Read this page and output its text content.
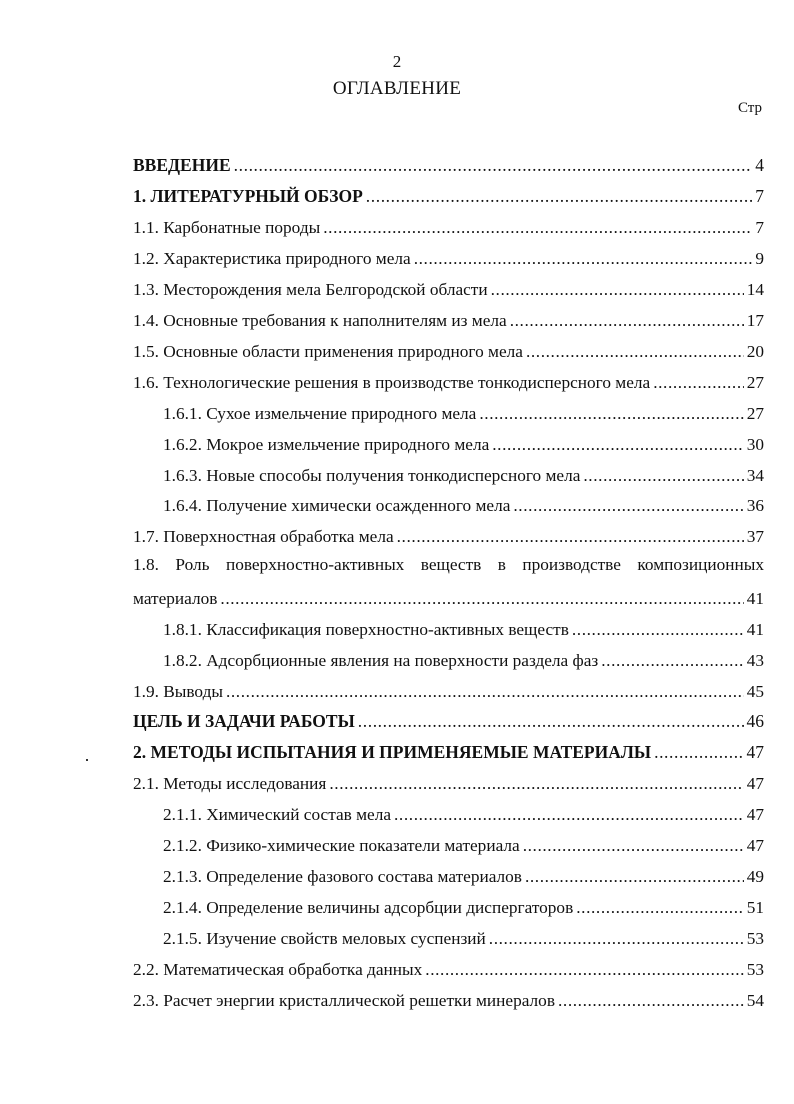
2
ОГЛАВЛЕНИЕ
Стр
ВВЕДЕНИЕ .....	4
1. ЛИТЕРАТУРНЫЙ ОБЗОР .....	7
1.1. Карбонатные породы .....	7
1.2. Характеристика природного мела .....	9
1.3. Месторождения мела Белгородской области .....	14
1.4. Основные требования к наполнителям из мела .....	17
1.5. Основные области применения природного мела .....	20
1.6. Технологические решения в производстве тонкодисперсного мела .....	27
1.6.1. Сухое измельчение природного мела .....	27
1.6.2. Мокрое измельчение природного мела .....	30
1.6.3. Новые способы получения тонкодисперсного мела .....	34
1.6.4. Получение химически осажденного мела .....	36
1.7. Поверхностная обработка мела .....	37
1.8. Роль поверхностно-активных веществ в производстве композиционных
материалов .....	41
1.8.1. Классификация поверхностно-активных веществ .....	41
1.8.2. Адсорбционные явления на поверхности раздела фаз .....	43
1.9. Выводы .....	45
ЦЕЛЬ И ЗАДАЧИ РАБОТЫ .....	46
2. МЕТОДЫ ИСПЫТАНИЯ И ПРИМЕНЯЕМЫЕ МАТЕРИАЛЫ .....	47
2.1. Методы исследования .....	47
2.1.1. Химический состав мела .....	47
2.1.2. Физико-химические показатели материала .....	47
2.1.3. Определение фазового состава материалов .....	49
2.1.4. Определение величины адсорбции диспергаторов .....	51
2.1.5. Изучение свойств меловых суспензий .....	53
2.2. Математическая обработка данных .....	53
2.3. Расчет энергии кристаллической решетки минералов .....	54
